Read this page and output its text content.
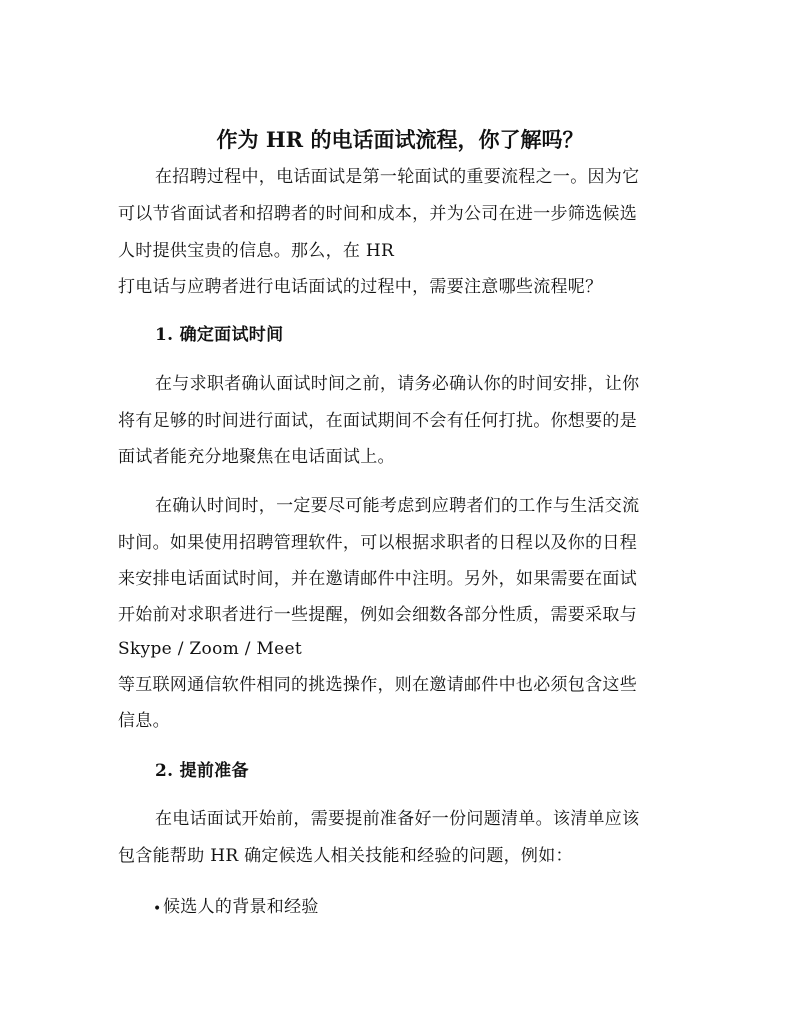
作为 HR 的电话面试流程，你了解吗？
在招聘过程中，电话面试是第一轮面试的重要流程之一。因为它
可以节省面试者和招聘者的时间和成本，并为公司在进一步筛选候选
人时提供宝贵的信息。那么，在 HR
打电话与应聘者进行电话面试的过程中，需要注意哪些流程呢？
1. 确定面试时间
在与求职者确认面试时间之前，请务必确认你的时间安排，让你
将有足够的时间进行面试，在面试期间不会有任何打扰。你想要的是
面试者能充分地聚焦在电话面试上。
在确认时间时，一定要尽可能考虑到应聘者们的工作与生活交流
时间。如果使用招聘管理软件，可以根据求职者的日程以及你的日程
来安排电话面试时间，并在邀请邮件中注明。另外，如果需要在面试
开始前对求职者进行一些提醒，例如会细数各部分性质，需要采取与
Skype / Zoom / Meet
等互联网通信软件相同的挑选操作，则在邀请邮件中也必须包含这些
信息。
2. 提前准备
在电话面试开始前，需要提前准备好一份问题清单。该清单应该
包含能帮助 HR 确定候选人相关技能和经验的问题，例如：
• 候选人的背景和经验
